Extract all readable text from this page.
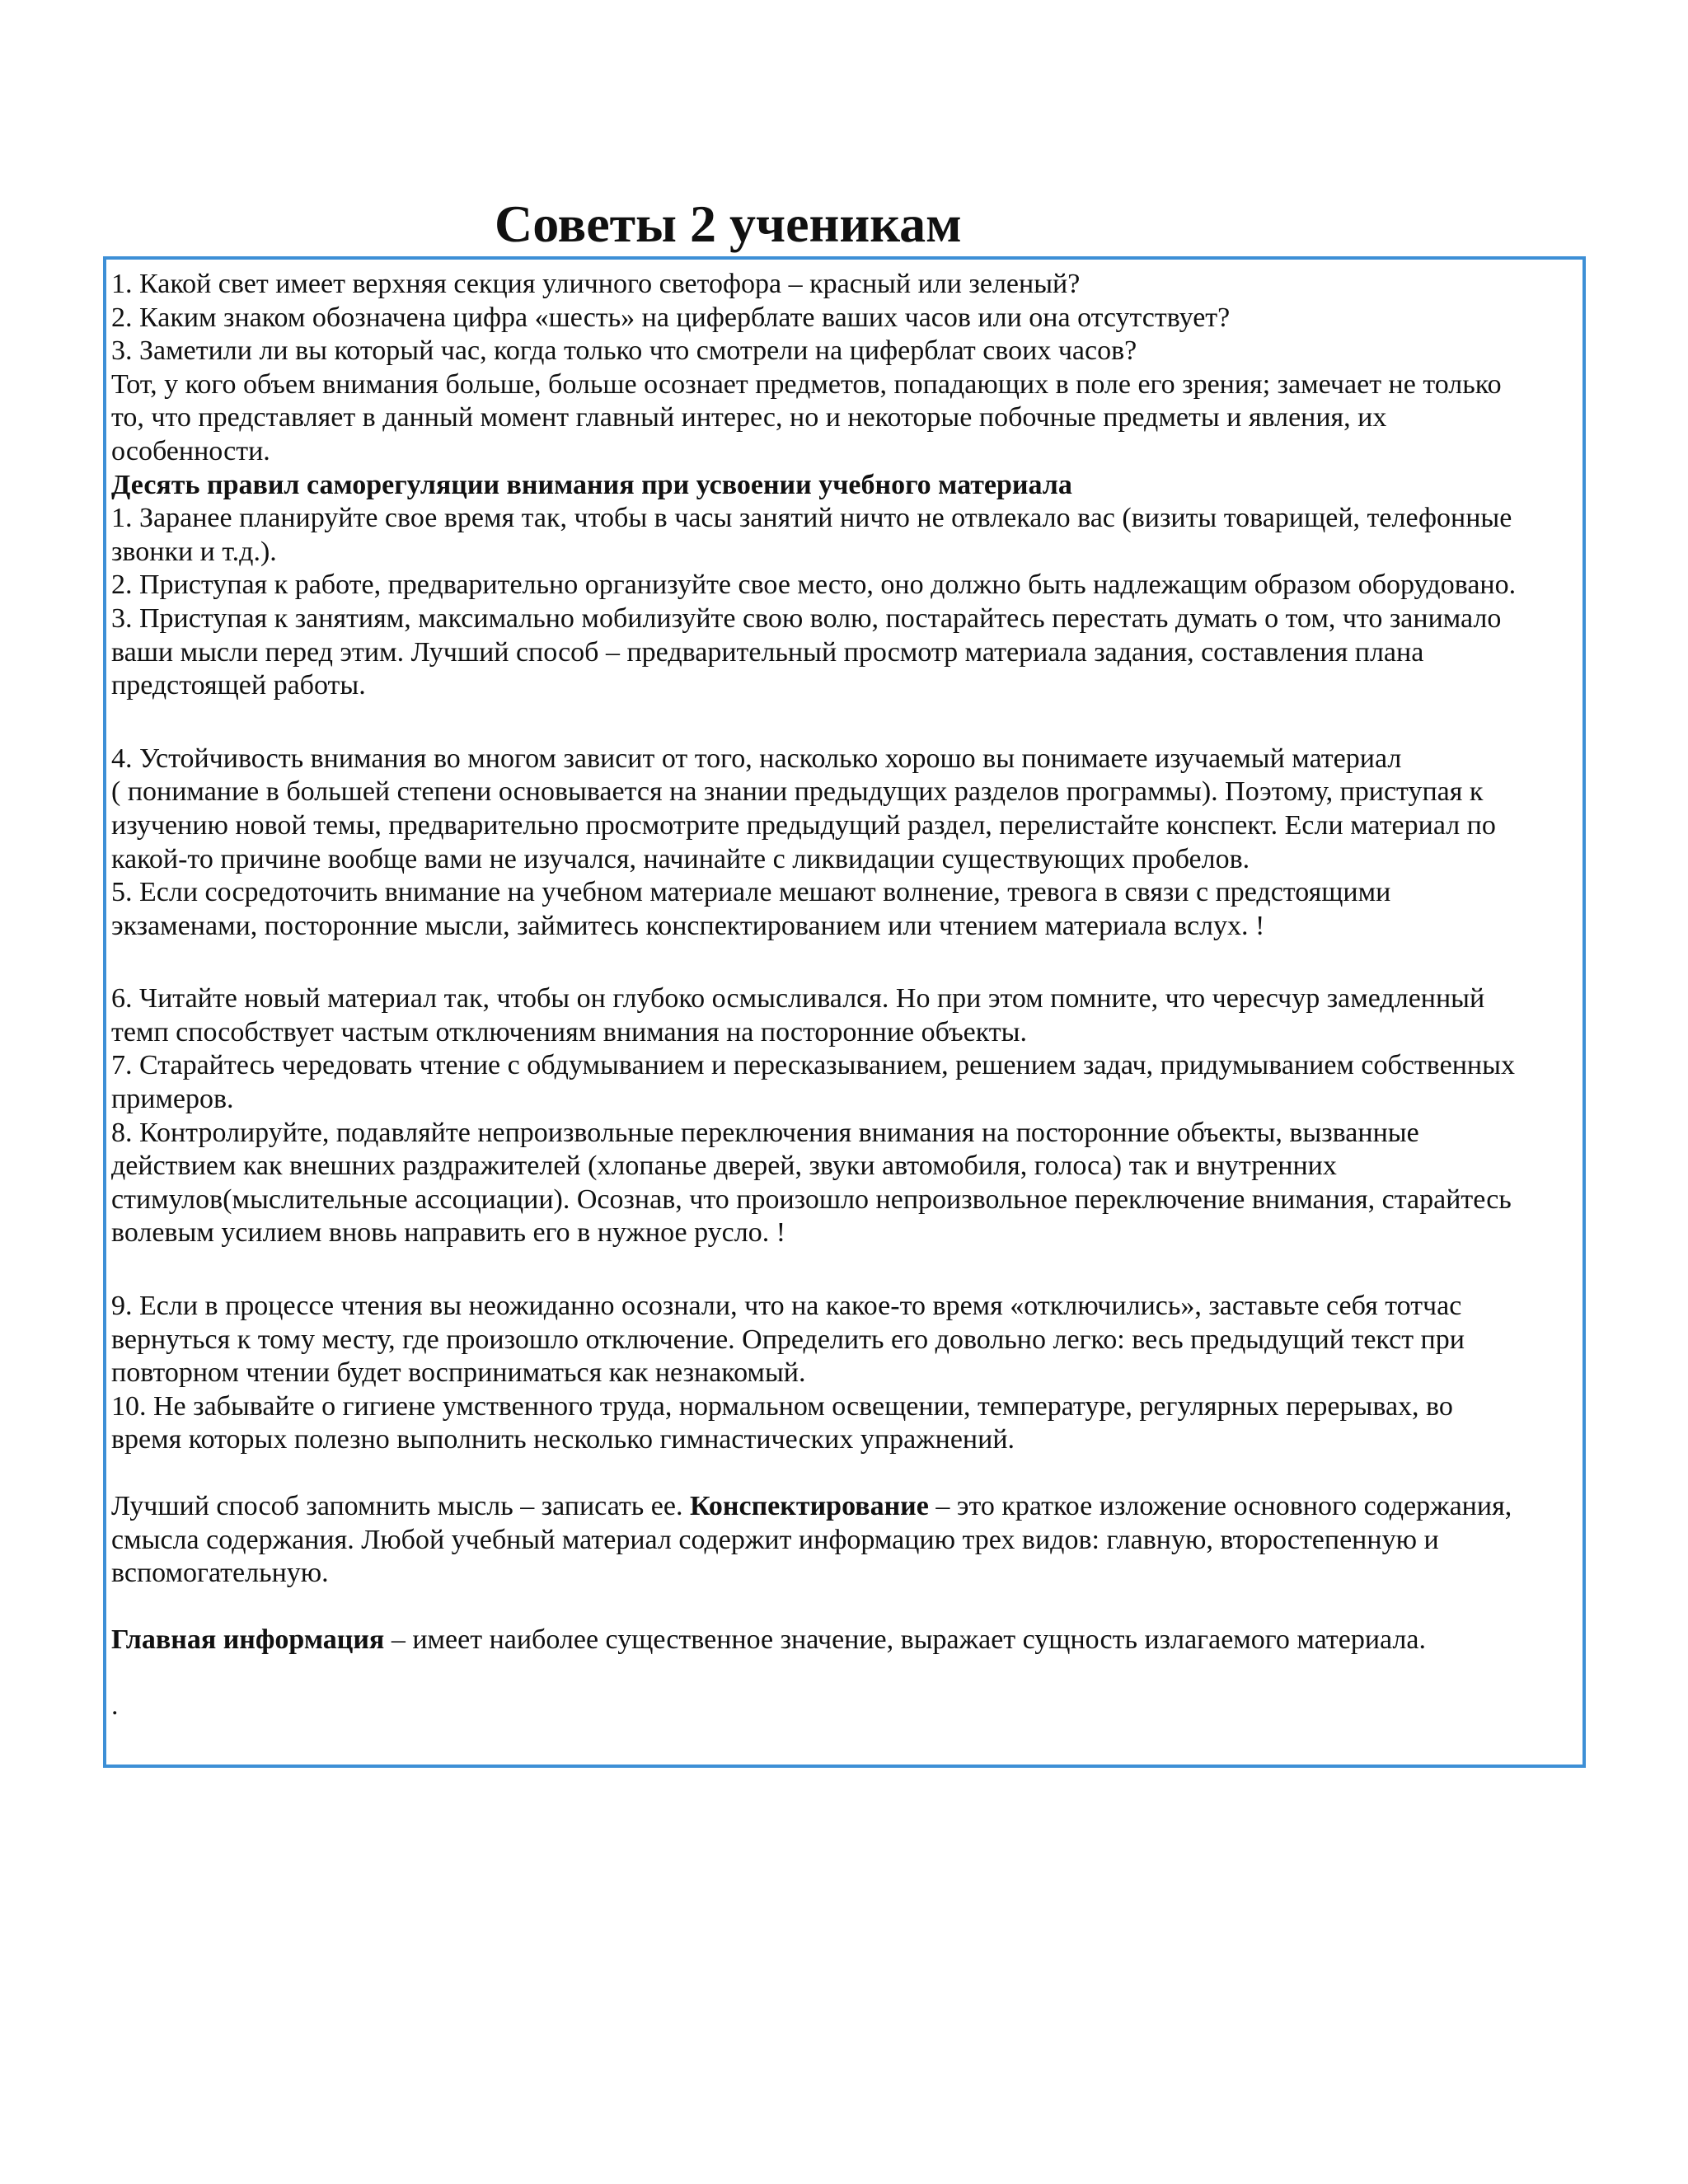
Советы 2 ученикам

1. Какой свет имеет верхняя секция уличного светофора – красный или зеленый?

2. Каким знаком обозначена цифра «шесть» на циферблате ваших часов или она отсутствует?

3. Заметили ли вы который час, когда только что смотрели на циферблат своих часов?

Тот, у кого объем внимания больше, больше осознает предметов, попадающих в поле его зрения; замечает не только

то, что представляет в данный момент главный интерес, но и некоторые побочные предметы и явления, их

особенности.

Десять правил саморегуляции внимания при усвоении учебного материала

1. Заранее планируйте свое время так, чтобы в часы занятий ничто не отвлекало вас (визиты товарищей, телефонные

звонки и т.д.).

2. Приступая к работе, предварительно организуйте свое место, оно должно быть надлежащим образом оборудовано.

3. Приступая к занятиям, максимально мобилизуйте свою волю, постарайтесь перестать думать о том, что занимало

ваши мысли перед этим. Лучший способ – предварительный просмотр материала задания, составления плана

предстоящей работы.

4. Устойчивость внимания во многом зависит от того, насколько хорошо вы понимаете изучаемый материал

( понимание в большей степени основывается на знании предыдущих разделов программы). Поэтому, приступая к

изучению новой темы, предварительно просмотрите предыдущий раздел, перелистайте конспект. Если материал по

какой-то причине вообще вами не изучался, начинайте с ликвидации существующих пробелов.

5. Если сосредоточить внимание на учебном материале мешают волнение, тревога в связи с предстоящими

экзаменами, посторонние мысли, займитесь конспектированием или чтением материала вслух. !

6. Читайте новый материал так, чтобы он глубоко осмысливался. Но при этом помните, что чересчур замедленный

темп способствует частым отключениям внимания на посторонние объекты.

7. Старайтесь чередовать чтение с обдумыванием и пересказыванием, решением задач, придумыванием собственных

примеров.

8. Контролируйте, подавляйте непроизвольные переключения внимания на посторонние объекты, вызванные

действием как внешних раздражителей (хлопанье дверей, звуки автомобиля, голоса) так и внутренних

стимулов(мыслительные ассоциации). Осознав, что произошло непроизвольное переключение внимания, старайтесь

волевым усилием вновь направить его в нужное русло. !

9. Если в процессе чтения вы неожиданно осознали, что на какое-то время «отключились», заставьте себя тотчас

вернуться к тому месту, где произошло отключение. Определить его довольно легко: весь предыдущий текст при

повторном чтении будет восприниматься как незнакомый.

10. Не забывайте о гигиене умственного труда, нормальном освещении, температуре, регулярных перерывах, во

время которых полезно выполнить несколько гимнастических упражнений.

Лучший способ запомнить мысль – записать ее. Конспектирование – это краткое изложение основного содержания,

смысла содержания. Любой учебный материал содержит информацию трех видов: главную, второстепенную и

вспомогательную.

Главная информация – имеет наиболее существенное значение, выражает сущность излагаемого материала.

.
